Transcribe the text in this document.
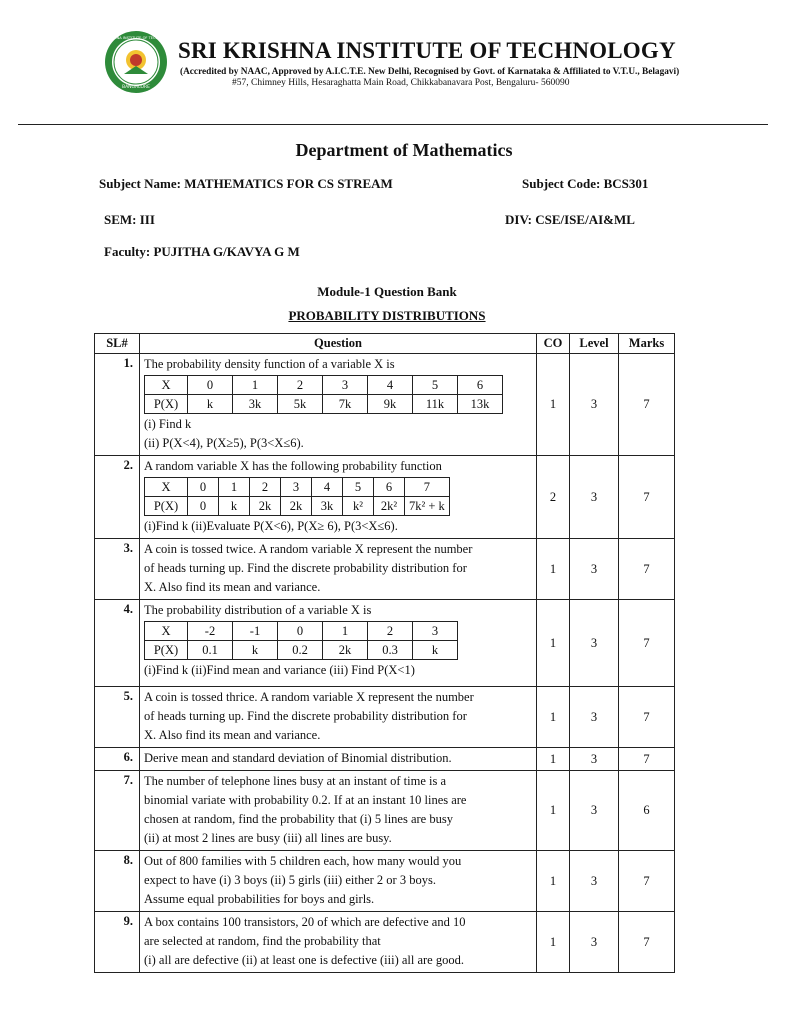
BANGALORE
SRI KRISHNA INSTITUTE OF TECHNOLOGY SRI KRISHNA INSTITUTE OF TECHNOLOGY
(Accredited by NAAC, Approved by A.I.C.T.E. New Delhi, Recognised by Govt. of Karnataka & Affiliated to V.T.U., Belagavi)
#57, Chimney Hills, Hesaraghatta Main Road, Chikkabanavara Post, Bengaluru- 560090
Department of Mathematics
Subject Name: MATHEMATICS FOR CS STREAM	Subject Code: BCS301
SEM: III	DIV: CSE/ISE/AI&ML
Faculty: PUJITHA G/KAVYA G M
Module-1 Question Bank
PROBABILITY DISTRIBUTIONS
SL#	Question	CO	Level	Marks
1.	The probability density function of a variable X is
X	0	1	2	3	4	5	6
P(X)	k	3k	5k	7k	9k	11k	13k
(i) Find k
(ii) P(X<4), P(X≥5), P(3<X≤6).
	1	3	7
2.	A random variable X has the following probability function
X	0	1	2	3	4	5	6	7
P(X)	0	k	2k	2k	3k	k²	2k²	7k² + k
(i)Find k (ii)Evaluate P(X<6), P(X≥ 6), P(3<X≤6).
	2	3	7
3.	A coin is tossed twice. A random variable X represent the number
of heads turning up. Find the discrete probability distribution for
X. Also find its mean and variance.
	1	3	7
4.	The probability distribution of a variable X is
X	-2	-1	0	1	2	3
P(X)	0.1	k	0.2	2k	0.3	k
(i)Find k (ii)Find mean and variance (iii) Find P(X<1)
	1	3	7
5.	A coin is tossed thrice. A random variable X represent the number
of heads turning up. Find the discrete probability distribution for
X. Also find its mean and variance.
	1	3	7
6.	Derive mean and standard deviation of Binomial distribution.	1	3	7
7.	The number of telephone lines busy at an instant of time is a
binomial variate with probability 0.2. If at an instant 10 lines are
chosen at random, find the probability that (i) 5 lines are busy
(ii) at most 2 lines are busy (iii) all lines are busy.
	1	3	6
8.	Out of 800 families with 5 children each, how many would you
expect to have (i) 3 boys (ii) 5 girls (iii) either 2 or 3 boys.
Assume equal probabilities for boys and girls.
	1	3	7
9.	A box contains 100 transistors, 20 of which are defective and 10
are selected at random, find the probability that
(i) all are defective (ii) at least one is defective (iii) all are good.
	1	3	7
